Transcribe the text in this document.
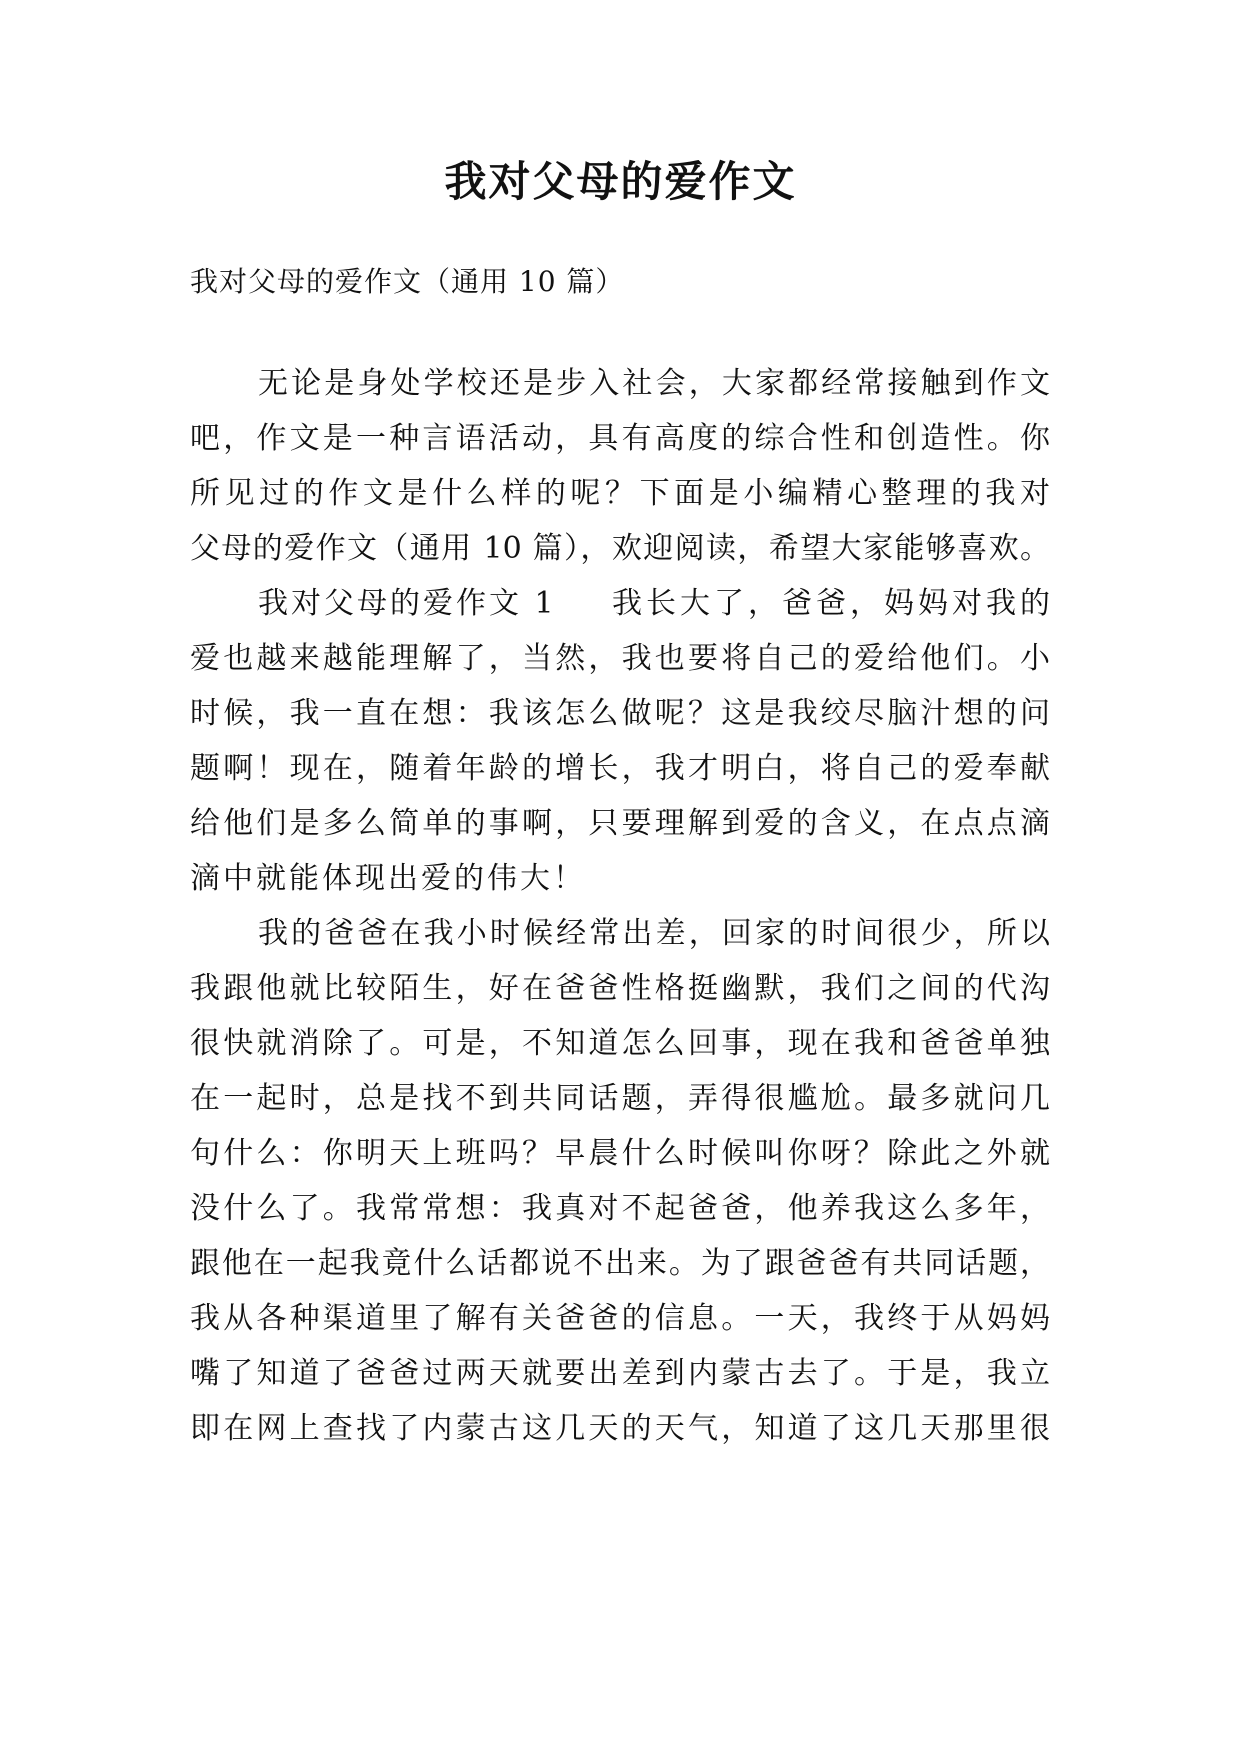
我对父母的爱作文
我对父母的爱作文（通用 10 篇）
无论是身处学校还是步入社会，大家都经常接触到作文
吧，作文是一种言语活动，具有高度的综合性和创造性。你
所见过的作文是什么样的呢？下面是小编精心整理的我对
父母的爱作文（通用 10 篇），欢迎阅读，希望大家能够喜欢。
我对父母的爱作文 1 我长大了，爸爸，妈妈对我的
爱也越来越能理解了，当然，我也要将自己的爱给他们。小
时候，我一直在想：我该怎么做呢？这是我绞尽脑汁想的问
题啊！现在，随着年龄的增长，我才明白，将自己的爱奉献
给他们是多么简单的事啊，只要理解到爱的含义，在点点滴
滴中就能体现出爱的伟大！
我的爸爸在我小时候经常出差，回家的时间很少，所以
我跟他就比较陌生，好在爸爸性格挺幽默，我们之间的代沟
很快就消除了。可是，不知道怎么回事，现在我和爸爸单独
在一起时，总是找不到共同话题，弄得很尴尬。最多就问几
句什么：你明天上班吗？早晨什么时候叫你呀？除此之外就
没什么了。我常常想：我真对不起爸爸，他养我这么多年，
跟他在一起我竟什么话都说不出来。为了跟爸爸有共同话题，
我从各种渠道里了解有关爸爸的信息。一天，我终于从妈妈
嘴了知道了爸爸过两天就要出差到内蒙古去了。于是，我立
即在网上查找了内蒙古这几天的天气，知道了这几天那里很
